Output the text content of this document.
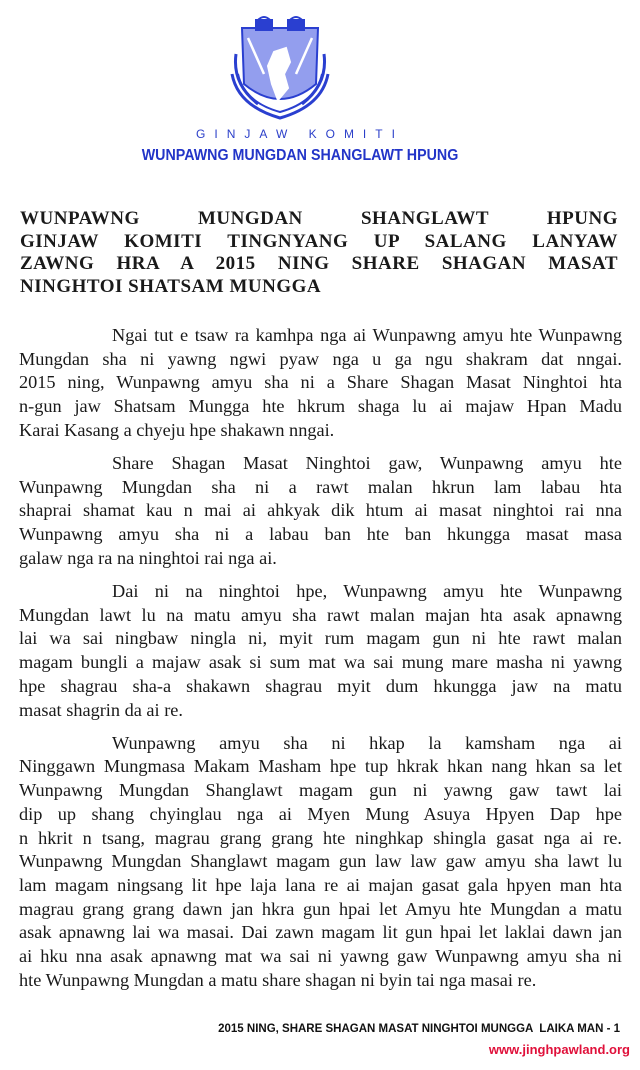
GINJAW KOMITI
WUNPAWNG MUNGDAN SHANGLAWT HPUNG
WUNPAWNG MUNGDAN SHANGLAWT HPUNG
GINJAW KOMITI TINGNYANG UP SALANG LANYAW
ZAWNG HRA A 2015 NING SHARE SHAGAN MASAT
NINGHTOI SHATSAM MUNGGA
Ngai tut e tsaw ra kamhpa nga ai Wunpawng amyu hte Wunpawng
Mungdan sha ni yawng ngwi pyaw nga u ga ngu shakram dat nngai.
2015 ning, Wunpawng amyu sha ni a Share Shagan Masat Ninghtoi hta
n-gun jaw Shatsam Mungga hte hkrum shaga lu ai majaw Hpan Madu
Karai Kasang a chyeju hpe shakawn nngai.
Share Shagan Masat Ninghtoi gaw, Wunpawng amyu hte
Wunpawng Mungdan sha ni a rawt malan hkrun lam labau hta
shaprai shamat kau n mai ai ahkyak dik htum ai masat ninghtoi rai nna
Wunpawng amyu sha ni a labau ban hte ban hkungga masat masa
galaw nga ra na ninghtoi rai nga ai.
Dai ni na ninghtoi hpe, Wunpawng amyu hte Wunpawng
Mungdan lawt lu na matu amyu sha rawt malan majan hta asak apnawng
lai wa sai ningbaw ningla ni, myit rum magam gun ni hte rawt malan
magam bungli a majaw asak si sum mat wa sai mung mare masha ni yawng
hpe shagrau sha-a shakawn shagrau myit dum hkungga jaw na matu
masat shagrin da ai re.
Wunpawng amyu sha ni hkap la kamsham nga ai
Ninggawn Mungmasa Makam Masham hpe tup hkrak hkan nang hkan sa let
Wunpawng Mungdan Shanglawt magam gun ni yawng gaw tawt lai
dip up shang chyinglau nga ai Myen Mung Asuya Hpyen Dap hpe
n hkrit n tsang, magrau grang grang hte ninghkap shingla gasat nga ai re.
Wunpawng Mungdan Shanglawt magam gun law law gaw amyu sha lawt lu
lam magam ningsang lit hpe laja lana re ai majan gasat gala hpyen man hta
magrau grang grang dawn jan hkra gun hpai let Amyu hte Mungdan a matu
asak apnawng lai wa masai. Dai zawn magam lit gun hpai let laklai dawn jan
ai hku nna asak apnawng mat wa sai ni yawng gaw Wunpawng amyu sha ni
hte Wunpawng Mungdan a matu share shagan ni byin tai nga masai re.
2015 NING, SHARE SHAGAN MASAT NINGHTOI MUNGGA  LAIKA MAN - 1
www.jinghpawland.org
